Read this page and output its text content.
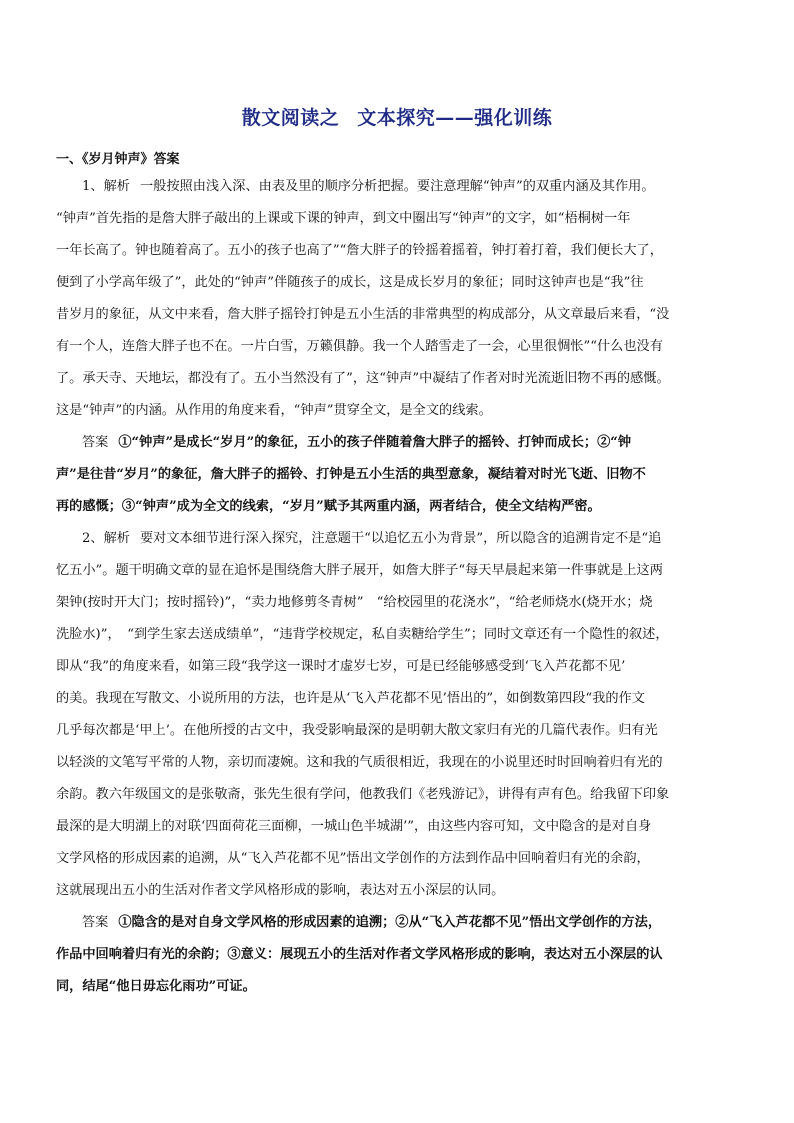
散文阅读之 文本探究——强化训练
一、《岁月钟声》答案
1、解析 一般按照由浅入深、由表及里的顺序分析把握。要注意理解“钟声”的双重内涵及其作用。
“钟声”首先指的是詹大胖子敲出的上课或下课的钟声，到文中圈出写“钟声”的文字，如“梧桐树一年
一年长高了。钟也随着高了。五小的孩子也高了”“詹大胖子的铃摇着摇着，钟打着打着，我们便长大了，
便到了小学高年级了”，此处的“钟声”伴随孩子的成长，这是成长岁月的象征；同时这钟声也是“我”往
昔岁月的象征，从文中来看，詹大胖子摇铃打钟是五小生活的非常典型的构成部分，从文章最后来看，“没
有一个人，连詹大胖子也不在。一片白雪，万籁俱静。我一个人踏雪走了一会，心里很惆怅”“什么也没有
了。承天寺、天地坛，都没有了。五小当然没有了”，这“钟声”中凝结了作者对时光流逝旧物不再的感慨。
这是“钟声”的内涵。从作用的角度来看，“钟声”贯穿全文，是全文的线索。
答案 ①“钟声”是成长“岁月”的象征，五小的孩子伴随着詹大胖子的摇铃、打钟而成长；②“钟
声”是往昔“岁月”的象征，詹大胖子的摇铃、打钟是五小生活的典型意象，凝结着对时光飞逝、旧物不
再的感慨；③“钟声”成为全文的线索，“岁月”赋予其两重内涵，两者结合，使全文结构严密。
2、解析 要对文本细节进行深入探究，注意题干“以追忆五小为背景”，所以隐含的追溯肯定不是“追
忆五小”。题干明确文章的显在追怀是围绕詹大胖子展开，如詹大胖子“每天早晨起来第一件事就是上这两
架钟(按时开大门；按时摇铃)”，“卖力地修剪冬青树”　“给校园里的花浇水”，“给老师烧水(烧开水；烧
洗脸水)”，　“到学生家去送成绩单”，“违背学校规定，私自卖糖给学生”；同时文章还有一个隐性的叙述，
即从“我”的角度来看，如第三段“我学这一课时才虚岁七岁，可是已经能够感受到‘飞入芦花都不见’
的美。我现在写散文、小说所用的方法，也许是从‘飞入芦花都不见’悟出的”，如倒数第四段“我的作文
几乎每次都是‘甲上’。在他所授的古文中，我受影响最深的是明朝大散文家归有光的几篇代表作。归有光
以轻淡的文笔写平常的人物，亲切而凄婉。这和我的气质很相近，我现在的小说里还时时回响着归有光的
余韵。教六年级国文的是张敬斋，张先生很有学问，他教我们《老残游记》，讲得有声有色。给我留下印象
最深的是大明湖上的对联‘四面荷花三面柳，一城山色半城湖’”，由这些内容可知，文中隐含的是对自身
文学风格的形成因素的追溯，从“飞入芦花都不见”悟出文学创作的方法到作品中回响着归有光的余韵，
这就展现出五小的生活对作者文学风格形成的影响，表达对五小深层的认同。
答案 ①隐含的是对自身文学风格的形成因素的追溯；②从“飞入芦花都不见”悟出文学创作的方法，
作品中回响着归有光的余韵；③意义：展现五小的生活对作者文学风格形成的影响，表达对五小深层的认
同，结尾“他日毋忘化雨功”可证。
